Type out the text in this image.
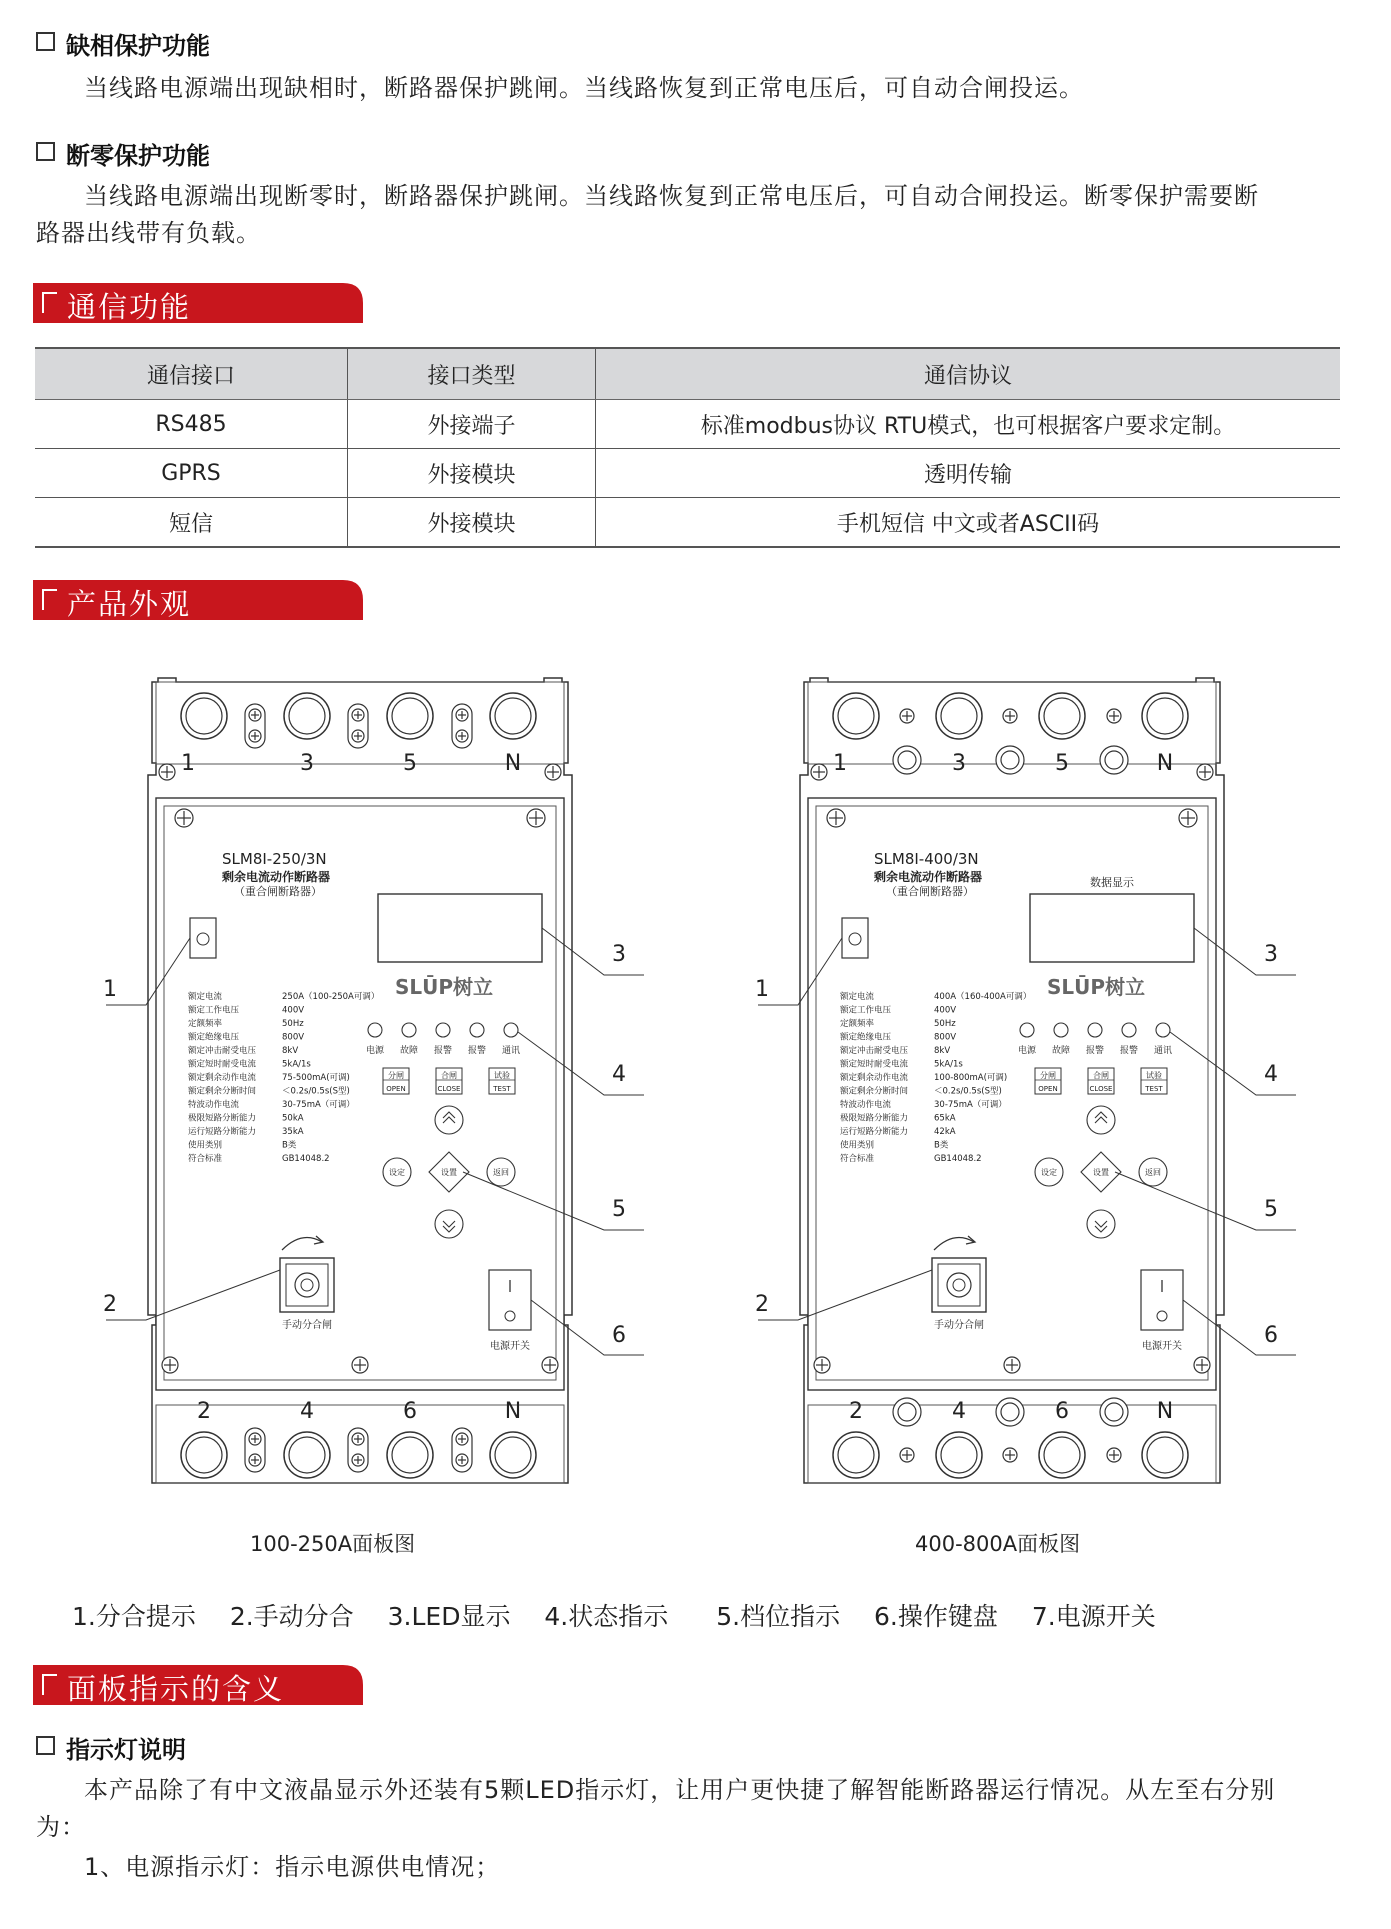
缺相保护功能
当线路电源端出现缺相时，断路器保护跳闸。当线路恢复到正常电压后，可自动合闸投运。
断零保护功能
当线路电源端出现断零时，断路器保护跳闸。当线路恢复到正常电压后，可自动合闸投运。断零保护需要断
路器出线带有负载。
通信功能
通信接口	接口类型	通信协议
RS485	外接端子	标准modbus协议 RTU模式，也可根据客户要求定制。
GPRS	外接模块	透明传输
短信	外接模块	手机短信 中文或者ASCII码
产品外观
1	3	5	N
2	4	6	N
SLM8I-250/3N
剩余电流动作断路器
（重合闸断路器）
SLŪP树立
额定电流	250A（100-250A可调）
额定工作电压	400V
定额频率	50Hz
额定绝缘电压	800V
额定冲击耐受电压	8kV
额定短时耐受电流	5kA/1s
额定剩余动作电流	75-500mA(可调)
额定剩余分断时间	＜0.2s/0.5s(S型)
特波动作电流	30-75mA（可调）
极限短路分断能力	50kA
运行短路分断能力	35kA
使用类别	B类
符合标准	GB14048.2
电源 故障 报警 报警 通讯
分闸
OPEN
合闸
CLOSE
试验
TEST
设置
设定	返回
手动分合闸
电源开关
1
2
3
4
5
6
1	3	5	N
2	4	6	N
SLM8I-400/3N
剩余电流动作断路器
（重合闸断路器）
数据显示
SLŪP树立
额定电流	400A（160-400A可调）
额定工作电压	400V
定额频率	50Hz
额定绝缘电压	800V
额定冲击耐受电压	8kV
额定短时耐受电流	5kA/1s
额定剩余动作电流	100-800mA(可调)
额定剩余分断时间	＜0.2s/0.5s(S型)
特波动作电流	30-75mA（可调）
极限短路分断能力	65kA
运行短路分断能力	42kA
使用类别	B类
符合标准	GB14048.2
电源 故障 报警 报警 通讯
分闸
OPEN
合闸
CLOSE
试验
TEST
设置
设定	返回
手动分合闸
电源开关
1
2
3
4
5
6
100-250A面板图	400-800A面板图
1.分合提示 2.手动分合 3.LED显示 4.状态指示 5.档位指示 6.操作键盘 7.电源开关
面板指示的含义
指示灯说明
本产品除了有中文液晶显示外还装有5颗LED指示灯，让用户更快捷了解智能断路器运行情况。从左至右分别
为：
1、电源指示灯：指示电源供电情况；
